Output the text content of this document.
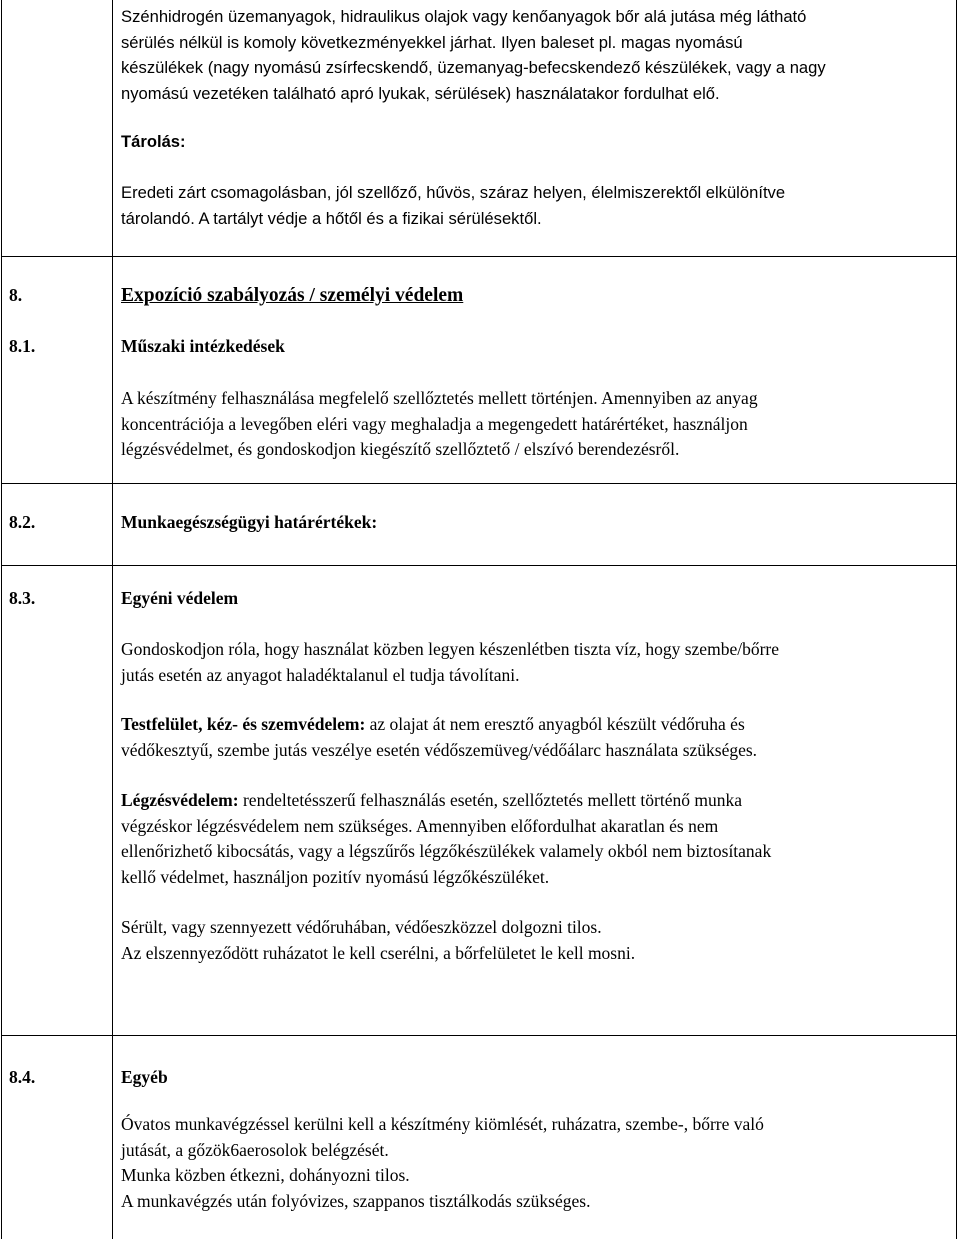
Szénhidrogén üzemanyagok, hidraulikus olajok vagy kenőanyagok bőr alá jutása még látható

sérülés nélkül is komoly következményekkel járhat. Ilyen baleset pl. magas nyomású

készülékek (nagy nyomású zsírfecskendő, üzemanyag-befecskendező készülékek, vagy a nagy

nyomású vezetéken található apró lyukak, sérülések) használatakor fordulhat elő.

Tárolás:

Eredeti zárt csomagolásban, jól szellőző, hűvös, száraz helyen, élelmiszerektől elkülönítve

tárolandó. A tartályt védje a hőtől és a fizikai sérülésektől.

8.	Expozíció szabályozás / személyi védelem
8.1.	Műszaki intézkedések

A készítmény felhasználása megfelelő szellőztetés mellett történjen. Amennyiben az anyag

koncentrációja a levegőben eléri vagy meghaladja a megengedett határértéket, használjon

légzésvédelmet, és gondoskodjon kiegészítő szellőztető / elszívó berendezésről.

8.2.	Munkaegészségügyi határértékek:
8.3.	Egyéni védelem

Gondoskodjon róla, hogy használat közben legyen készenlétben tiszta víz, hogy szembe/bőrre

jutás esetén az anyagot haladéktalanul el tudja távolítani.

Testfelület, kéz- és szemvédelem: az olajat át nem eresztő anyagból készült védőruha és

védőkesztyű, szembe jutás veszélye esetén védőszemüveg/védőálarc használata szükséges.

Légzésvédelem: rendeltetésszerű felhasználás esetén, szellőztetés mellett történő munka

végzéskor légzésvédelem nem szükséges. Amennyiben előfordulhat akaratlan és nem

ellenőrizhető kibocsátás, vagy a légszűrős légzőkészülékek valamely okból nem biztosítanak

kellő védelmet, használjon pozitív nyomású légzőkészüléket.

Sérült, vagy szennyezett védőruhában, védőeszközzel dolgozni tilos.

Az elszennyeződött ruházatot le kell cserélni, a bőrfelületet le kell mosni.

8.4.	Egyéb

Óvatos munkavégzéssel kerülni kell a készítmény kiömlését, ruházatra, szembe-, bőrre való

jutását, a gőzök6aerosolok belégzését.

Munka közben étkezni, dohányozni tilos.

A munkavégzés után folyóvizes, szappanos tisztálkodás szükséges.
